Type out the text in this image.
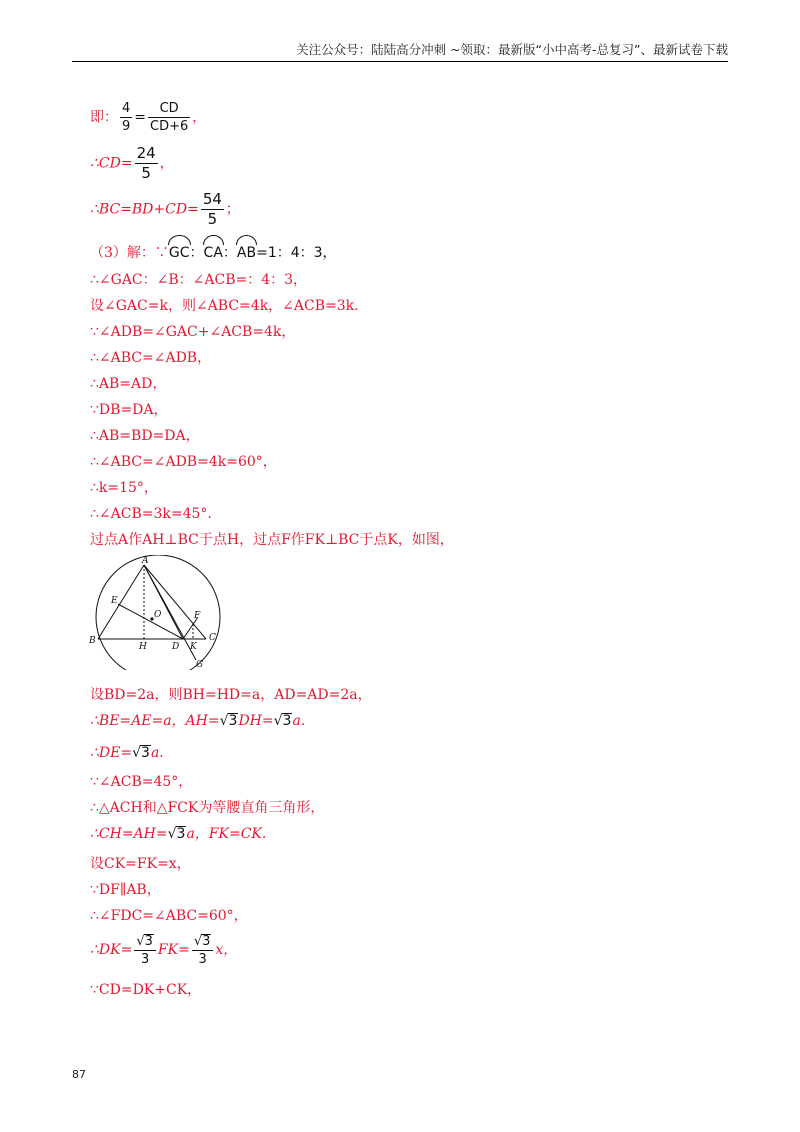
关注公众号：陆陆高分冲刺 ~领取：最新版“小中高考-总复习”、最新试卷下载
即： $\frac{4}{9} = \frac{CD}{CD+6}$ ，
∴CD= $\frac{24}{5}$ ，
∴BC=BD+CD= $\frac{54}{5}$ ；
（3）解：∵GC：CA：AB=1：4：3，
∴∠GAC：∠B：∠ACB=：4：3，
设∠GAC=k，则∠ABC=4k，∠ACB=3k.
∵∠ADB=∠GAC+∠ACB=4k，
∴∠ABC=∠ADB，
∴AB=AD，
∵DB=DA，
∴AB=BD=DA，
∴∠ABC=∠ADB=4k=60°，
∴k=15°，
∴∠ACB=3k=45°.
过点A作AH⊥BC于点H，过点F作FK⊥BC于点K，如图，
A
B	C
D
E
F
G
H	K
O
设BD=2a，则BH=HD=a，AD=AD=2a，
∴BE=AE=a，AH=√3DH=√3a.
∴DE=√3a.
∵∠ACB=45°，
∴△ACH和△FCK为等腰直角三角形，
∴CH=AH=√3a，FK=CK.
设CK=FK=x，
∵DF∥AB，
∴∠FDC=∠ABC=60°，
∴DK= $\frac{√3}{3} FK= \frac{√3}{3}$ x，
∵CD=DK+CK，
87
